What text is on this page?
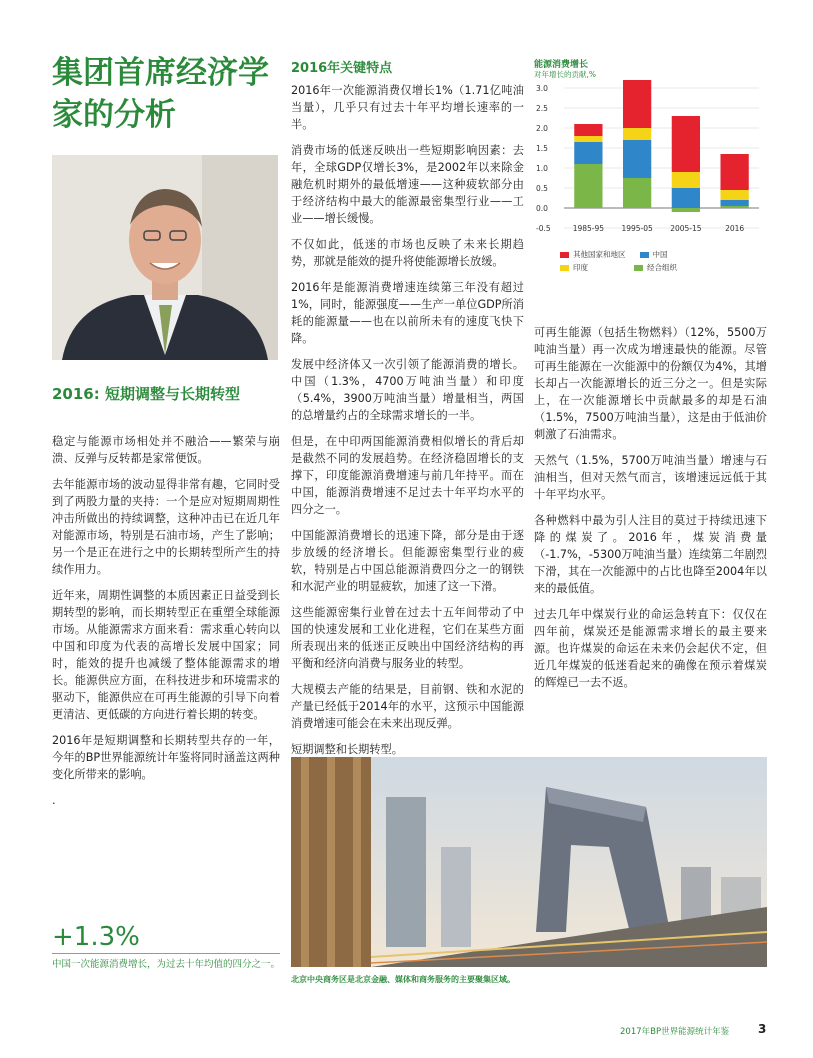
集团首席经济学家的分析
2016: 短期调整与长期转型

稳定与能源市场相处并不融洽——繁荣与崩溃、反弹与反转都是家常便饭。

去年能源市场的波动显得非常有趣，它同时受到了两股力量的夹持：一个是应对短期周期性冲击所做出的持续调整，这种冲击已在近几年对能源市场，特别是石油市场，产生了影响；另一个是正在进行之中的长期转型所产生的持续作用力。

近年来，周期性调整的本质因素正日益受到长期转型的影响，而长期转型正在重塑全球能源市场。从能源需求方面来看：需求重心转向以中国和印度为代表的高增长发展中国家；同时，能效的提升也减缓了整体能源需求的增长。能源供应方面，在科技进步和环境需求的驱动下，能源供应在可再生能源的引导下向着更清洁、更低碳的方向进行着长期的转变。

2016年是短期调整和长期转型共存的一年，今年的BP世界能源统计年鉴将同时涵盖这两种变化所带来的影响。

.

2016年关键特点

2016年一次能源消费仅增长1%（1.71亿吨油当量），几乎只有过去十年平均增长速率的一半。

消费市场的低迷反映出一些短期影响因素：去年，全球GDP仅增长3%，是2002年以来除金融危机时期外的最低增速——这种疲软部分由于经济结构中最大的能源最密集型行业——工业——增长缓慢。

不仅如此，低迷的市场也反映了未来长期趋势，那就是能效的提升将使能源增长放缓。

2016年是能源消费增速连续第三年没有超过1%，同时，能源强度——生产一单位GDP所消耗的能源量——也在以前所未有的速度飞快下降。

发展中经济体又一次引领了能源消费的增长。中国（1.3%，4700万吨油当量）和印度（5.4%，3900万吨油当量）增量相当，两国的总增量约占的全球需求增长的一半。

但是，在中印两国能源消费相似增长的背后却是截然不同的发展趋势。在经济稳固增长的支撑下，印度能源消费增速与前几年持平。而在中国，能源消费增速不足过去十年平均水平的四分之一。

中国能源消费增长的迅速下降，部分是由于逐步放缓的经济增长。但能源密集型行业的疲软，特别是占中国总能源消费四分之一的钢铁和水泥产业的明显疲软，加速了这一下滑。

这些能源密集行业曾在过去十五年间带动了中国的快速发展和工业化进程，它们在某些方面所表现出来的低迷正反映出中国经济结构的再平衡和经济向消费与服务业的转型。

大规模去产能的结果是，目前钢、铁和水泥的产量已经低于2014年的水平，这预示中国能源消费增速可能会在未来出现反弹。

短期调整和长期转型。

能源消费增长
对年增长的贡献,%
3.0
2.5
2.0
1.5
1.0
0.5
0.0
-0.5	1985-95 1995-05 2005-15	2016
其他国家和地区	中国
印度	经合组织

可再生能源（包括生物燃料）（12%，5500万吨油当量）再一次成为增速最快的能源。尽管可再生能源在一次能源中的份额仅为4%，其增长却占一次能源增长的近三分之一。但是实际上，在一次能源增长中贡献最多的却是石油（1.5%，7500万吨油当量），这是由于低油价刺激了石油需求。

天然气（1.5%，5700万吨油当量）增速与石油相当，但对天然气而言，该增速远远低于其十年平均水平。

各种燃料中最为引人注目的莫过于持续迅速下降的煤炭了。2016年，煤炭消费量（-1.7%，-5300万吨油当量）连续第二年剧烈下滑，其在一次能源中的占比也降至2004年以来的最低值。

过去几年中煤炭行业的命运急转直下：仅仅在四年前，煤炭还是能源需求增长的最主要来源。也许煤炭的命运在未来仍会起伏不定，但近几年煤炭的低迷看起来的确像在预示着煤炭的辉煌已一去不返。

+1.3%
中国一次能源消费增长，为过去十年均值的四分之一。
北京中央商务区是北京金融、媒体和商务服务的主要聚集区域。
2017年BP世界能源统计年鉴 3
